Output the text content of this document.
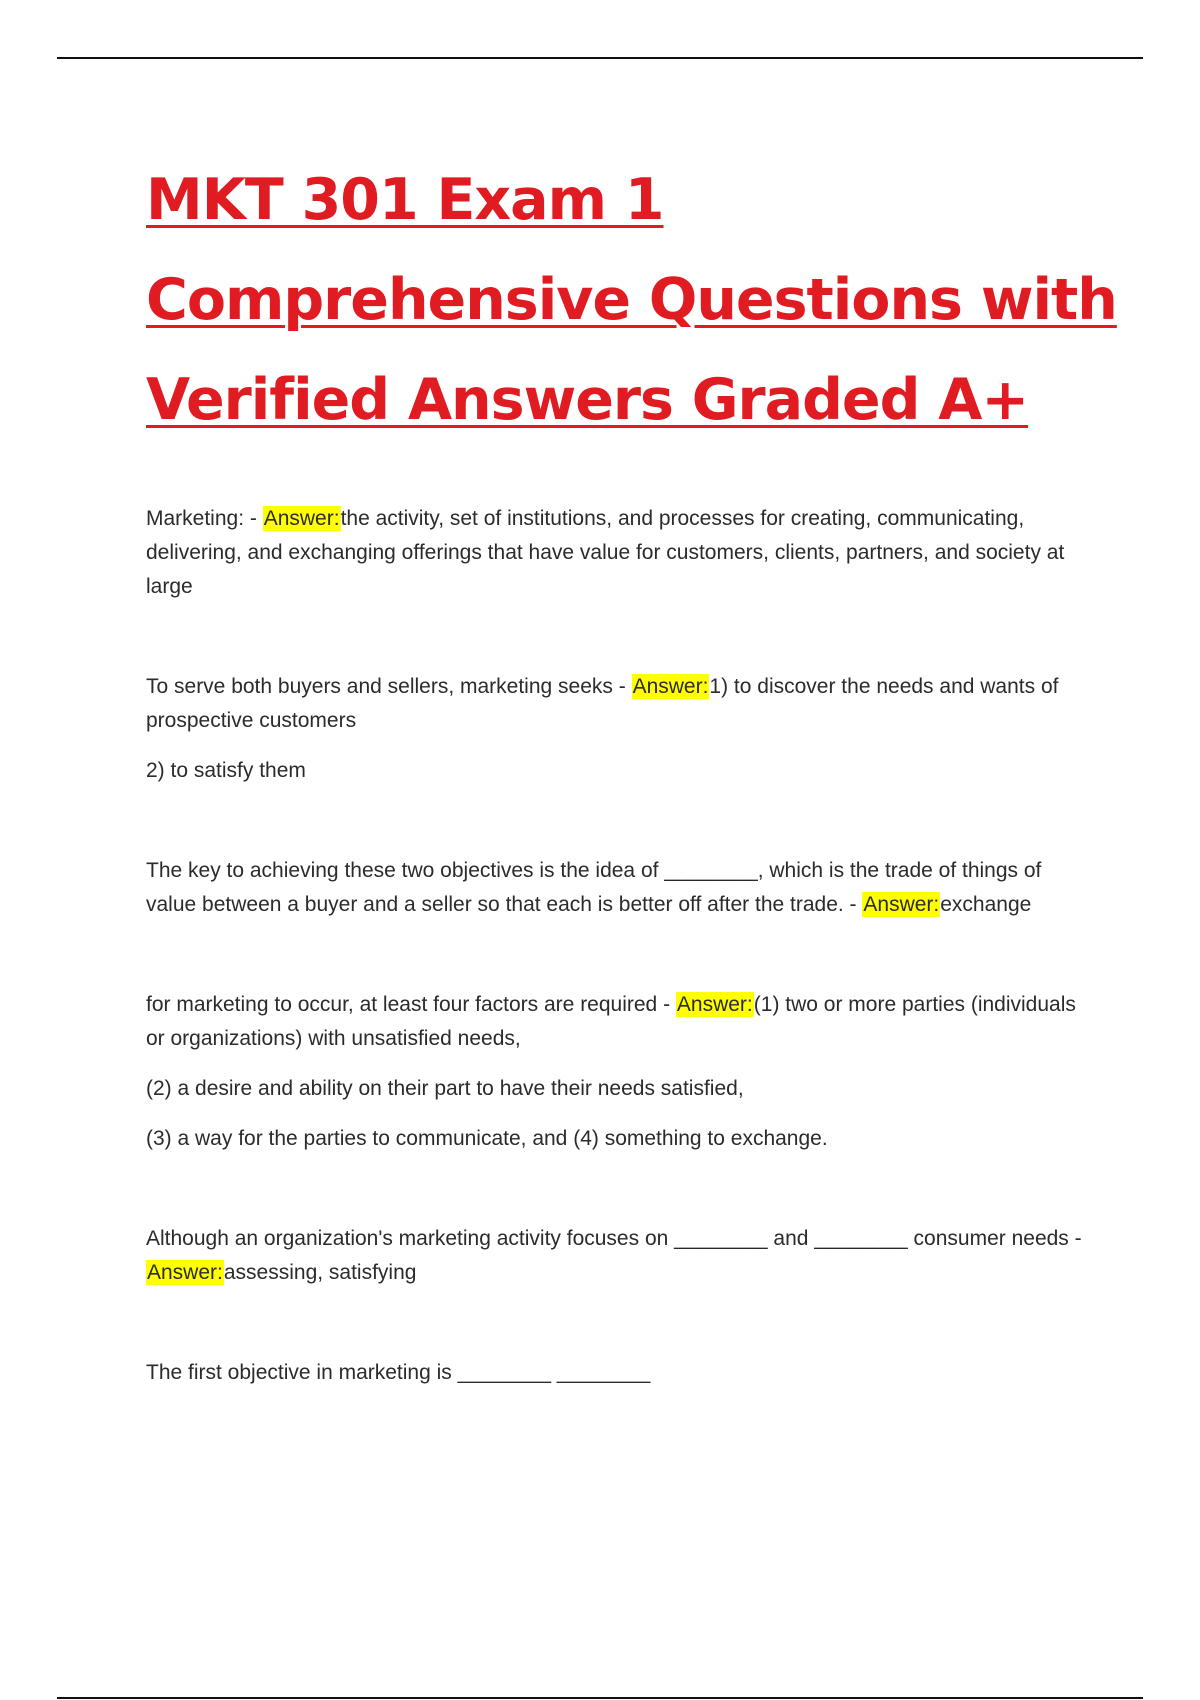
MKT 301 Exam 1
Comprehensive Questions with
Verified Answers Graded A+

Marketing: - Answer:the activity, set of institutions, and processes for creating, communicating, delivering, and exchanging offerings that have value for customers, clients, partners, and society at large

To serve both buyers and sellers, marketing seeks - Answer:1) to discover the needs and wants of prospective customers

2) to satisfy them

The key to achieving these two objectives is the idea of ________, which is the trade of things of value between a buyer and a seller so that each is better off after the trade. - Answer:exchange

for marketing to occur, at least four factors are required - Answer:(1) two or more parties (individuals or organizations) with unsatisfied needs,

(2) a desire and ability on their part to have their needs satisfied,

(3) a way for the parties to communicate, and (4) something to exchange.

Although an organization's marketing activity focuses on ________ and ________ consumer needs - Answer:assessing, satisfying

The first objective in marketing is ________ ________
